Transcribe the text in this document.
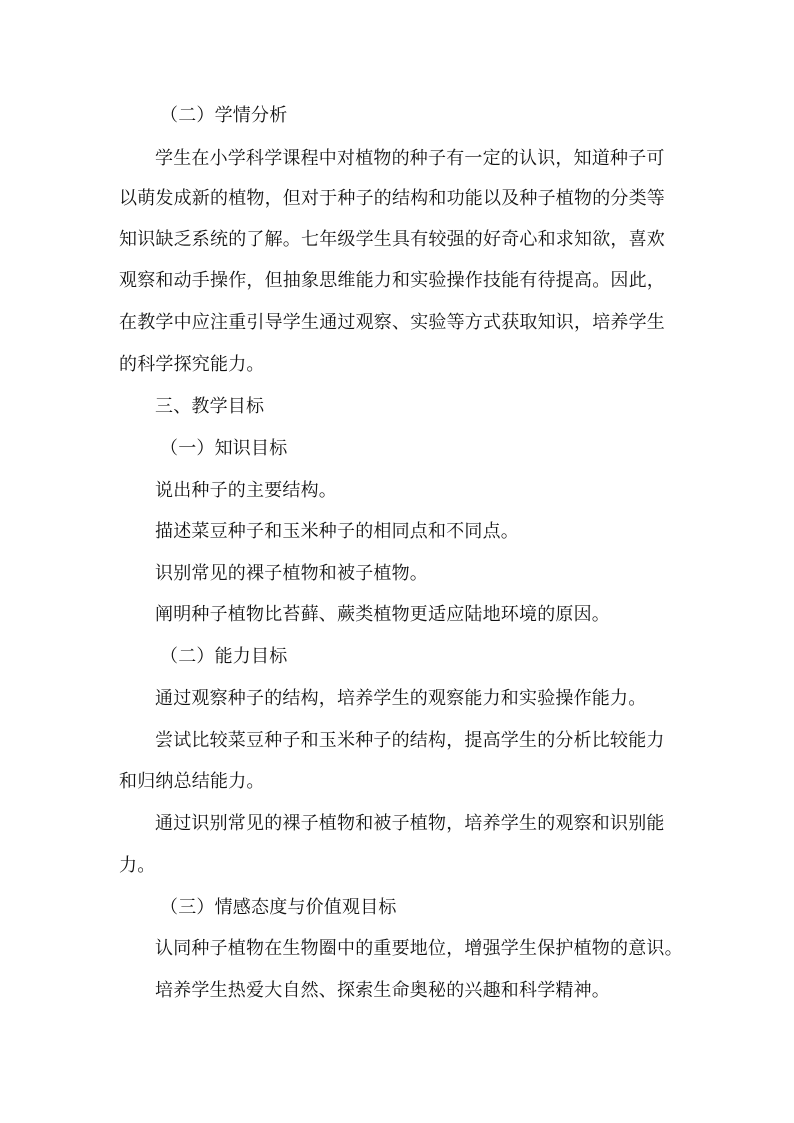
（二）学情分析
学生在小学科学课程中对植物的种子有一定的认识，知道种子可
以萌发成新的植物，但对于种子的结构和功能以及种子植物的分类等
知识缺乏系统的了解。七年级学生具有较强的好奇心和求知欲，喜欢
观察和动手操作，但抽象思维能力和实验操作技能有待提高。因此，
在教学中应注重引导学生通过观察、实验等方式获取知识，培养学生
的科学探究能力。
三、教学目标
（一）知识目标
说出种子的主要结构。
描述菜豆种子和玉米种子的相同点和不同点。
识别常见的裸子植物和被子植物。
阐明种子植物比苔藓、蕨类植物更适应陆地环境的原因。
（二）能力目标
通过观察种子的结构，培养学生的观察能力和实验操作能力。
尝试比较菜豆种子和玉米种子的结构，提高学生的分析比较能力
和归纳总结能力。
通过识别常见的裸子植物和被子植物，培养学生的观察和识别能
力。
（三）情感态度与价值观目标
认同种子植物在生物圈中的重要地位，增强学生保护植物的意识。
培养学生热爱大自然、探索生命奥秘的兴趣和科学精神。
